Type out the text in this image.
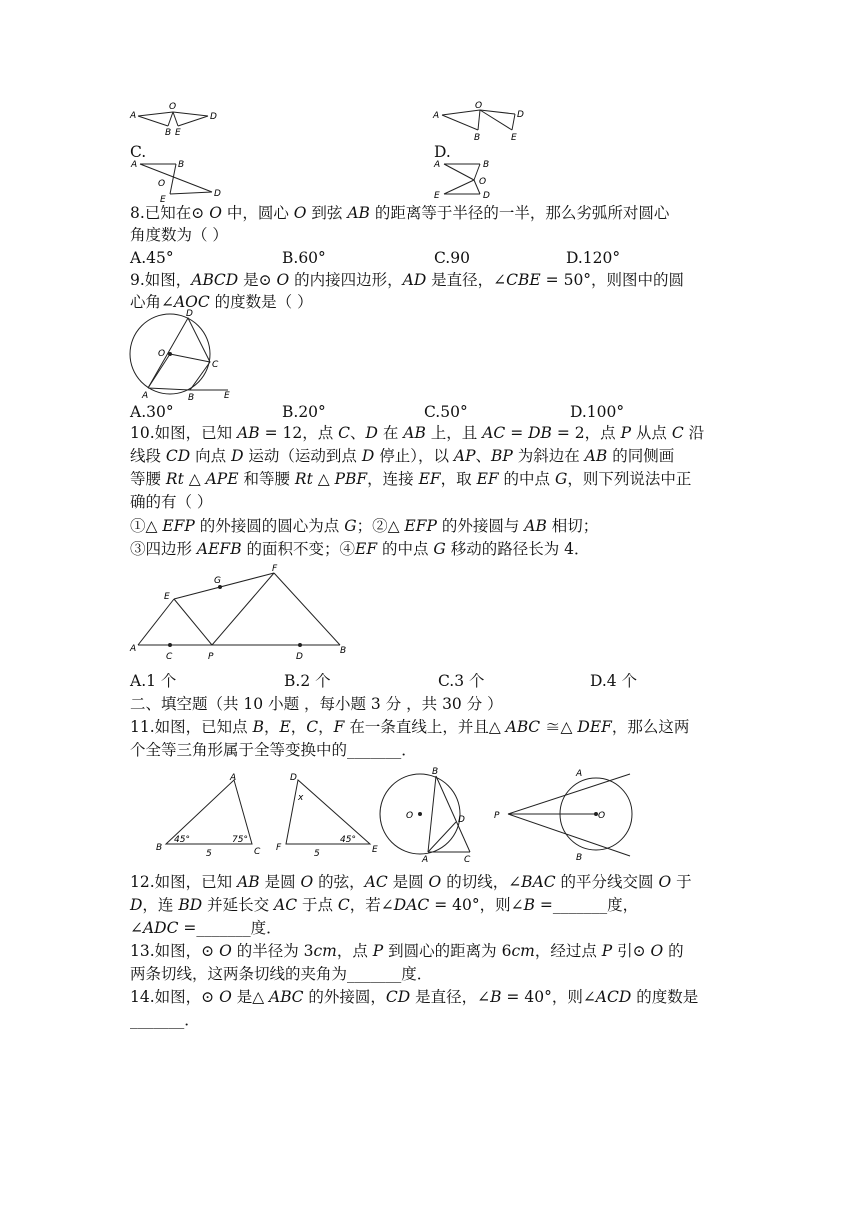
A
O
D
B E
A
O
D
B	E
C.	D.
A	B
O
E
D
A	B
O
E	D
8.已知在⊙ 𝑂 中，圆心 𝑂 到弦 𝐴𝐵 的距离等于半径的一半，那么劣弧所对圆心
角度数为（ ）
A.45°	B.60°	C.90	D.120°
9.如图，𝐴𝐵𝐶𝐷 是⊙ 𝑂 的内接四边形，𝐴𝐷 是直径，∠𝐶𝐵𝐸 = 50°，则图中的圆
心角∠𝐴𝑂𝐶 的度数是（ ）
D
O
C
A	B	E
A.30°	B.20°	C.50°	D.100°
10.如图，已知 𝐴𝐵 = 12，点 𝐶、𝐷 在 𝐴𝐵 上，且 𝐴𝐶 = 𝐷𝐵 = 2，点 𝑃 从点 𝐶 沿
线段 𝐶𝐷 向点 𝐷 运动（运动到点 𝐷 停止），以 𝐴𝑃、𝐵𝑃 为斜边在 𝐴𝐵 的同侧画
等腰 𝑅𝑡 △ 𝐴𝑃𝐸 和等腰 𝑅𝑡 △ 𝑃𝐵𝐹，连接 𝐸𝐹，取 𝐸𝐹 的中点 𝐺，则下列说法中正
确的有（ ）
①△ 𝐸𝐹𝑃 的外接圆的圆心为点 𝐺；②△ 𝐸𝐹𝑃 的外接圆与 𝐴𝐵 相切；
③四边形 𝐴𝐸𝐹𝐵 的面积不变；④𝐸𝐹 的中点 𝐺 移动的路径长为 4．
F
G
E
A
C	P	D
B
A.1 个	B.2 个	C.3 个	D.4 个
二、填空题（共 10 小题 ，每小题 3 分 ，共 30 分 ）
11.如图，已知点 𝐵，𝐸，𝐶，𝐹 在一条直线上，并且△ 𝐴𝐵𝐶 ≅△ 𝐷𝐸𝐹，那么这两
个全等三角形属于全等变换中的_______．
A
B	C
45°	75°
5
D
x
F	E
45°
5
B
O	D
A	C
A
P	O
B
12.如图，已知 𝐴𝐵 是圆 𝑂 的弦，𝐴𝐶 是圆 𝑂 的切线，∠𝐵𝐴𝐶 的平分线交圆 𝑂 于
𝐷，连 𝐵𝐷 并延长交 𝐴𝐶 于点 𝐶，若∠𝐷𝐴𝐶 = 40°，则∠𝐵 =_______度，
∠𝐴𝐷𝐶 =_______度．
13.如图，⊙ 𝑂 的半径为 3𝑐𝑚，点 𝑃 到圆心的距离为 6𝑐𝑚，经过点 𝑃 引⊙ 𝑂 的
两条切线，这两条切线的夹角为_______度．
14.如图，⊙ 𝑂 是△ 𝐴𝐵𝐶 的外接圆，𝐶𝐷 是直径，∠𝐵 = 40°，则∠𝐴𝐶𝐷 的度数是
_______．
